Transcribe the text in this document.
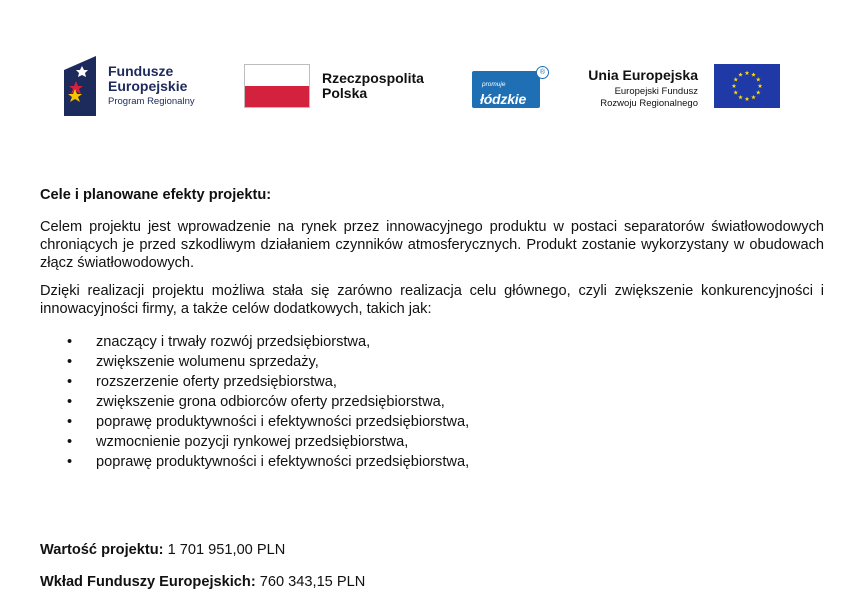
Fundusze
Europejskie
Program Regionalny
Rzeczpospolita
Polska
promuje
łódzkie
®	Unia Europejska
Europejski Fundusz
Rozwoju Regionalnego
Cele i planowane efekty projektu:

Celem projektu jest wprowadzenie na rynek przez innowacyjnego produktu w postaci separatorów światłowodowych chroniących je przed szkodliwym działaniem czynników atmosferycznych. Produkt zostanie wykorzystany w obudowach złącz światłowodowych.

Dzięki realizacji projektu możliwa stała się zarówno realizacja celu głównego, czyli zwiększenie konkurencyjności i innowacyjności firmy, a także celów dodatkowych, takich jak:

• znaczący i trwały rozwój przedsiębiorstwa,
• zwiększenie wolumenu sprzedaży,
• rozszerzenie oferty przedsiębiorstwa,
• zwiększenie grona odbiorców oferty przedsiębiorstwa,
• poprawę produktywności i efektywności przedsiębiorstwa,
• wzmocnienie pozycji rynkowej przedsiębiorstwa,
• poprawę produktywności i efektywności przedsiębiorstwa,
Wartość projektu: 1 701 951,00 PLN
Wkład Funduszy Europejskich: 760 343,15 PLN
